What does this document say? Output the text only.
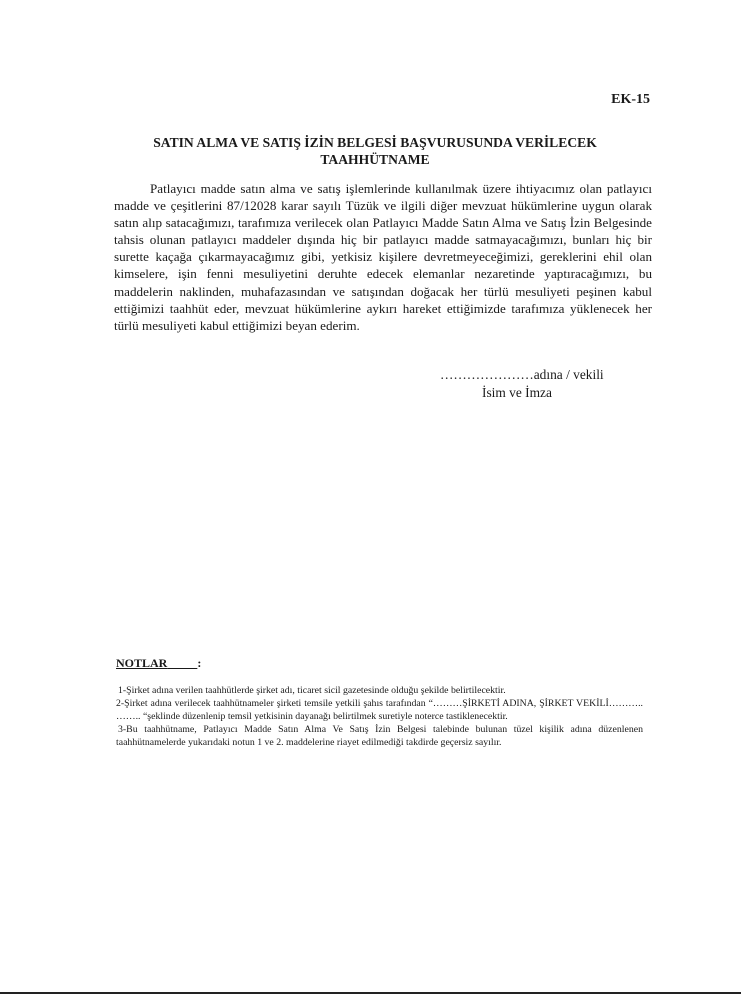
EK-15
SATIN ALMA VE SATIŞ İZİN BELGESİ BAŞVURUSUNDA VERİLECEK
TAAHHÜTNAME

Patlayıcı madde satın alma ve satış işlemlerinde kullanılmak üzere ihtiyacımız olan patlayıcı madde ve çeşitlerini 87/12028 karar sayılı Tüzük ve ilgili diğer mevzuat hükümlerine uygun olarak satın alıp satacağımızı, tarafımıza verilecek olan Patlayıcı Madde Satın Alma ve Satış İzin Belgesinde tahsis olunan patlayıcı maddeler dışında hiç bir patlayıcı madde satmayacağımızı, bunları hiç bir surette kaçağa çıkarmayacağımız gibi, yetkisiz kişilere devretmeyeceğimizi, gereklerini ehil olan kimselere, işin fenni mesuliyetini deruhte edecek elemanlar nezaretinde yaptıracağımızı, bu maddelerin naklinden, muhafazasından ve satışından doğacak her türlü mesuliyeti peşinen kabul ettiğimizi taahhüt eder, mevzuat hükümlerine aykırı hareket ettiğimizde tarafımıza yüklenecek her türlü mesuliyeti kabul ettiğimizi beyan ederim.

…………………adına / vekili
İsim ve İmza
NOTLAR	:

1-Şirket adına verilen taahhütlerde şirket adı, ticaret sicil gazetesinde olduğu şekilde belirtilecektir.

2-Şirket adına verilecek taahhütnameler şirketi temsile yetkili şahıs tarafından “………ŞİRKETİ ADINA, ŞİRKET VEKİLİ……….. …….. “şeklinde düzenlenip temsil yetkisinin dayanağı belirtilmek suretiyle noterce tastiklenecektir.

3-Bu taahhütname, Patlayıcı Madde Satın Alma Ve Satış İzin Belgesi talebinde bulunan tüzel kişilik adına düzenlenen taahhütnamelerde yukarıdaki notun 1 ve 2. maddelerine riayet edilmediği takdirde geçersiz sayılır.
